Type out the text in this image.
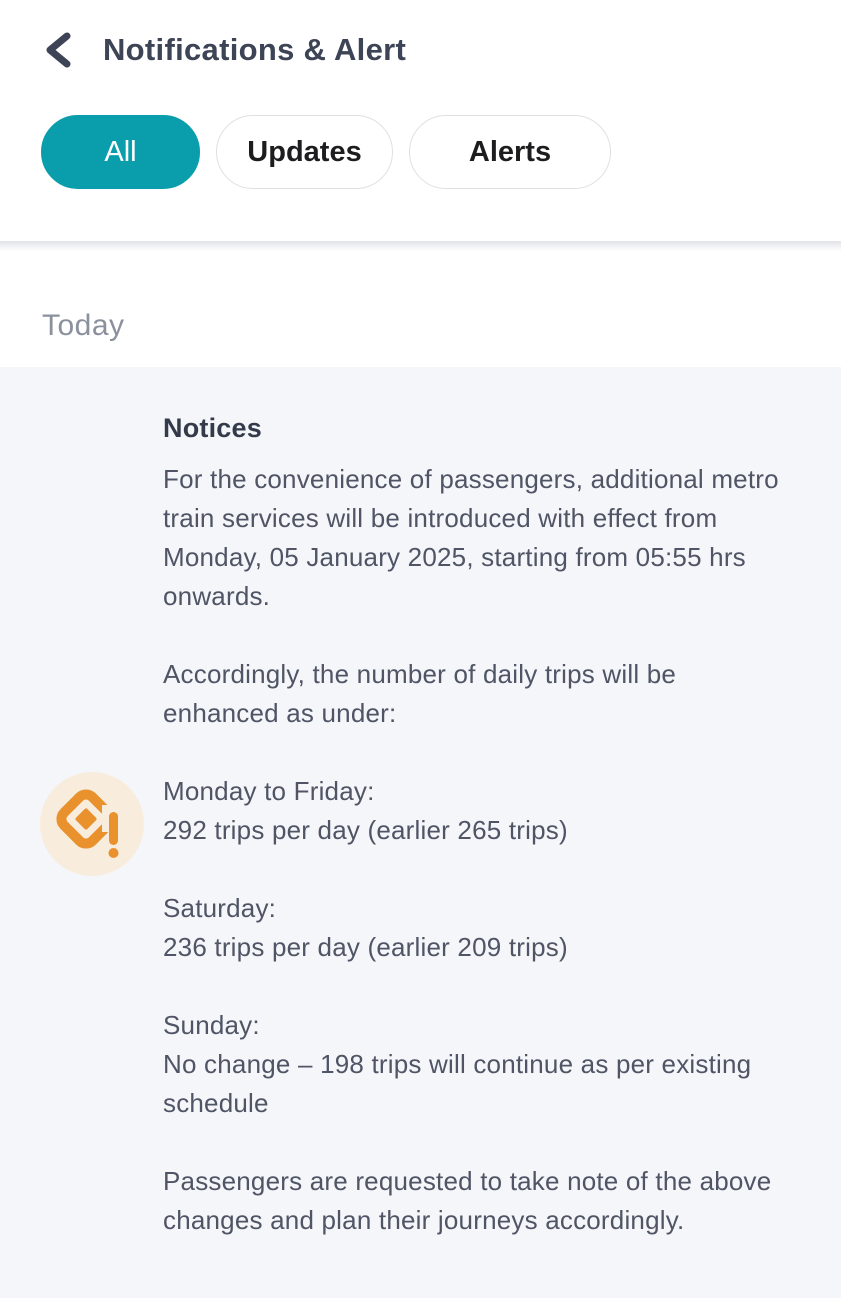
Notifications & Alert
All	Updates	Alerts
Today
Notices

For the convenience of passengers, additional metro train services will be introduced with effect from Monday, 05 January 2025, starting from 05:55 hrs onwards.

Accordingly, the number of daily trips will be enhanced as under:

Monday to Friday:
292 trips per day (earlier 265 trips)

Saturday:
236 trips per day (earlier 209 trips)

Sunday:
No change – 198 trips will continue as per existing schedule

Passengers are requested to take note of the above changes and plan their journeys accordingly.
